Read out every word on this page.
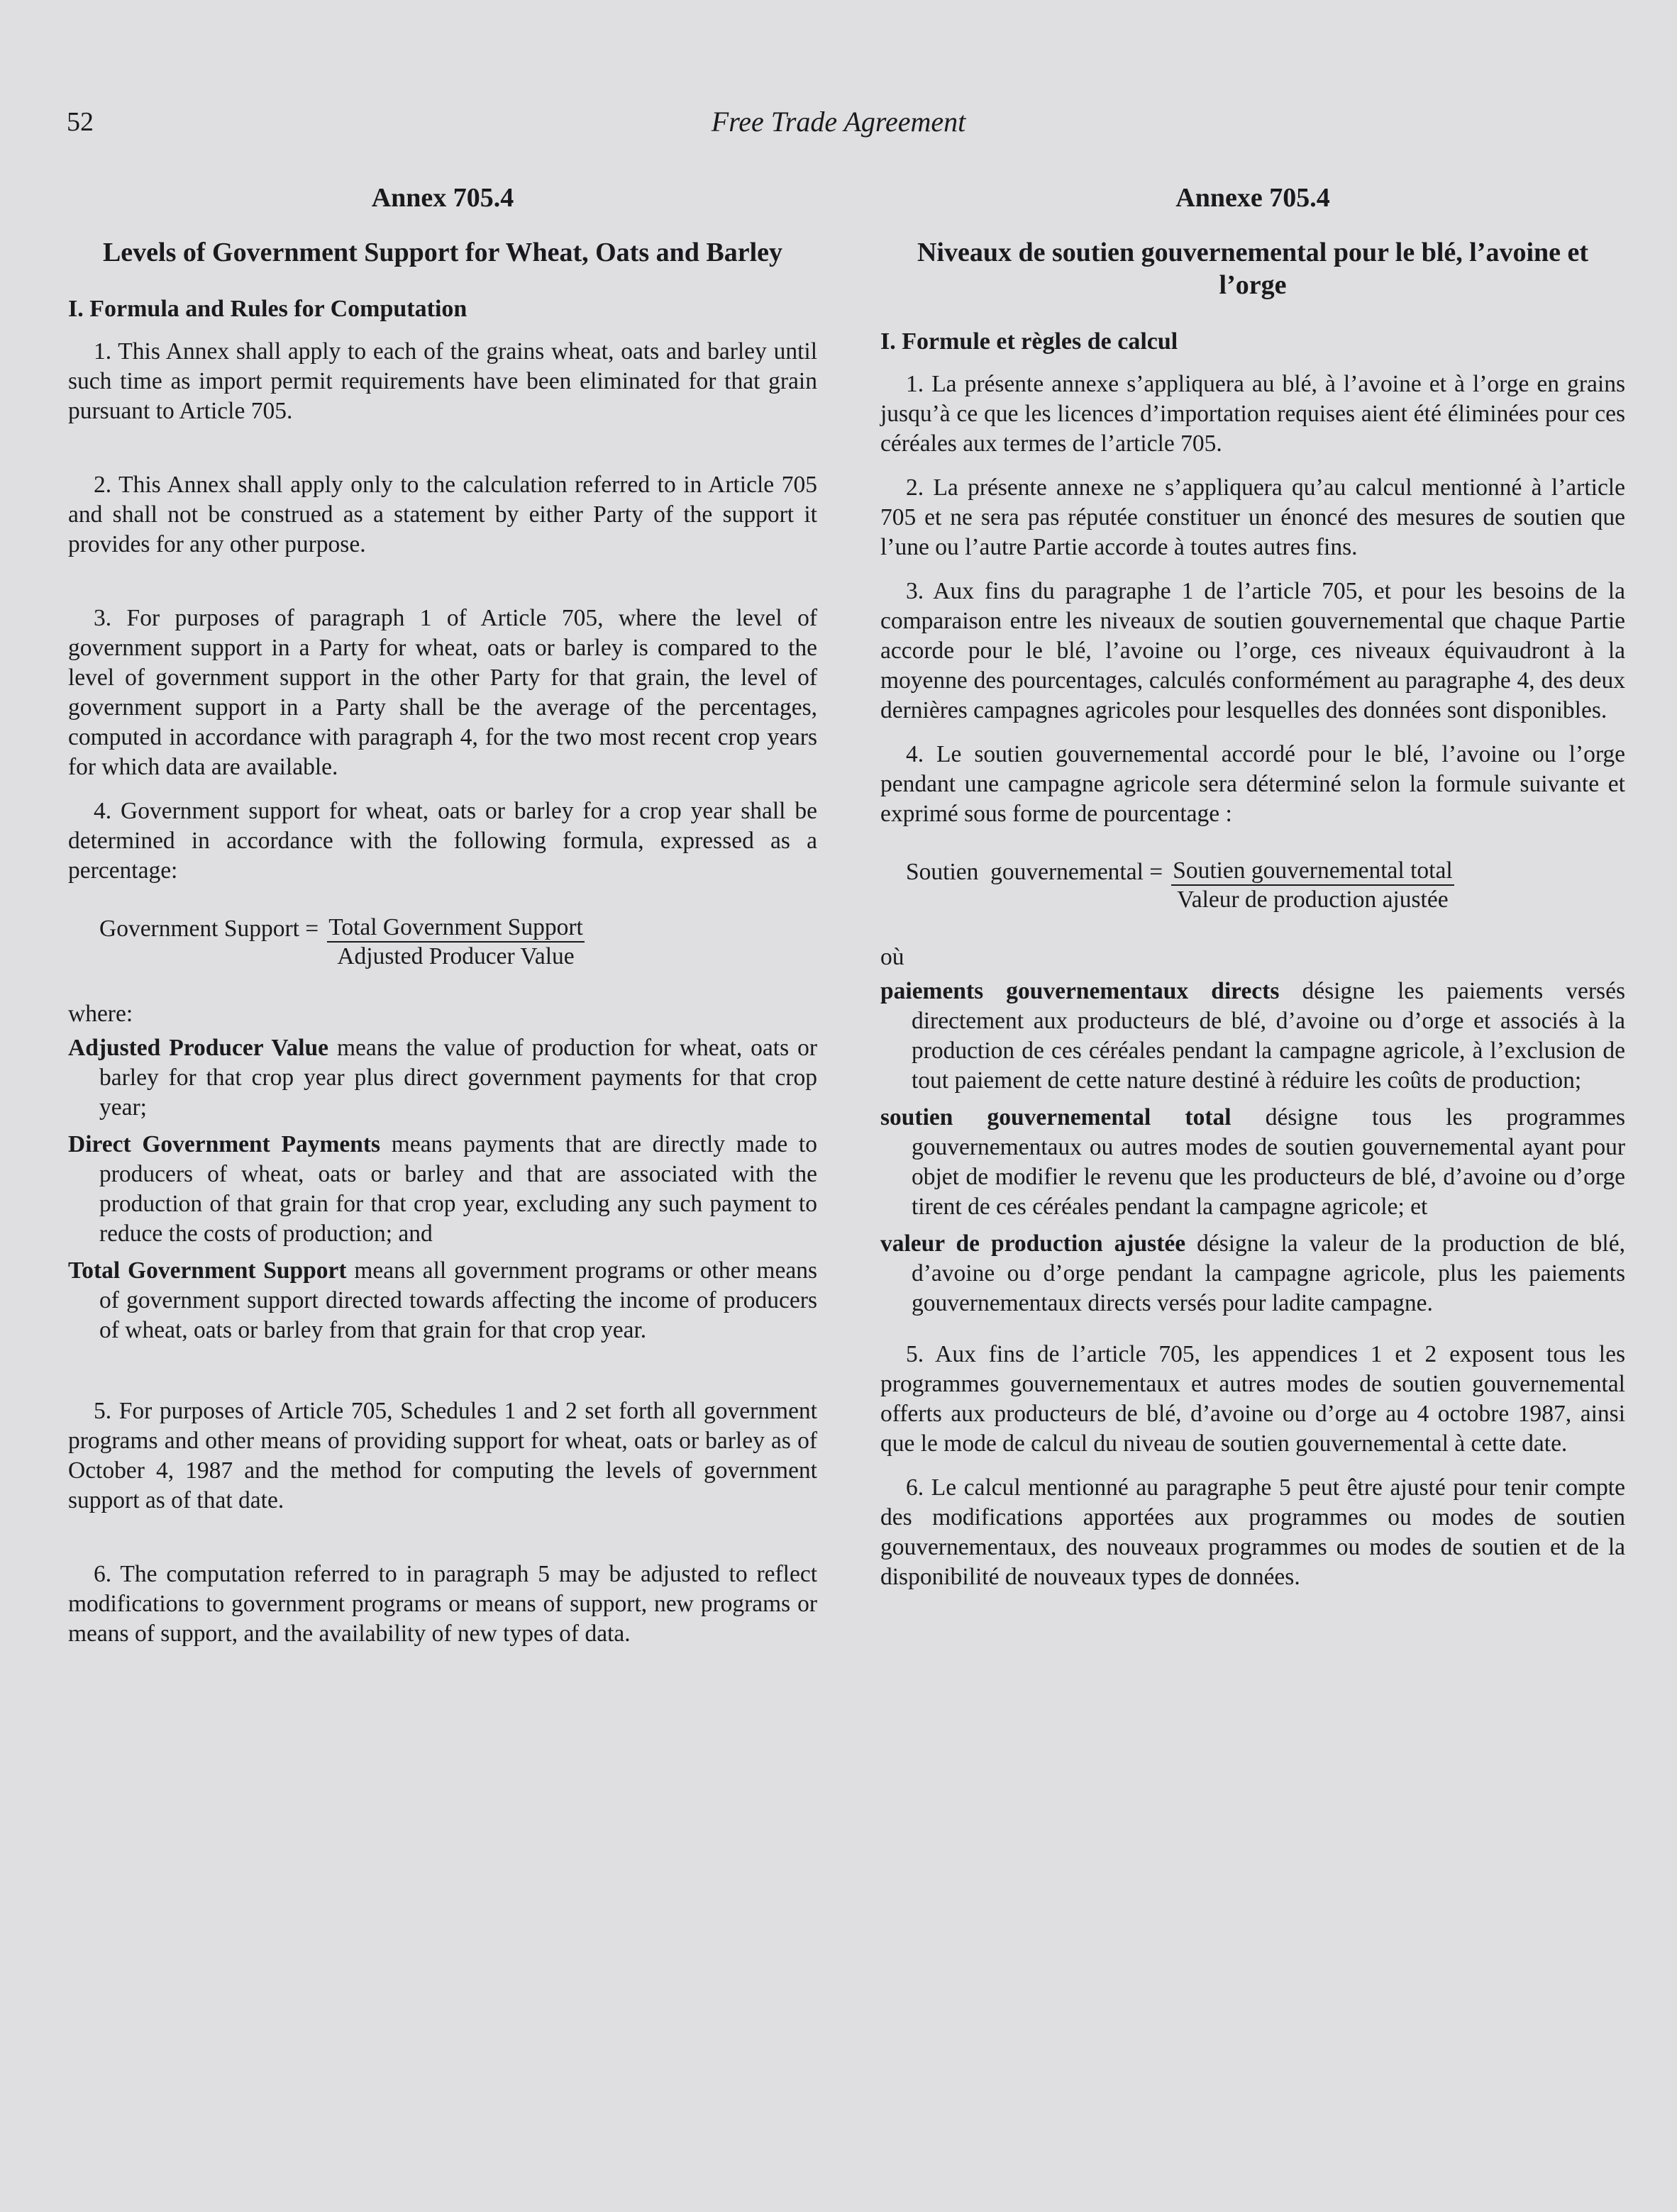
52	Free Trade Agreement
Annex 705.4
Levels of Government Support for Wheat, Oats and Barley
I. Formula and Rules for Computation

1. This Annex shall apply to each of the grains wheat, oats and barley until such time as import permit requirements have been eliminated for that grain pursuant to Article 705.

2. This Annex shall apply only to the calculation referred to in Article 705 and shall not be construed as a statement by either Party of the support it provides for any other purpose.

3. For purposes of paragraph 1 of Article 705, where the level of government support in a Party for wheat, oats or barley is compared to the level of government support in the other Party for that grain, the level of government support in a Party shall be the average of the percentages, computed in accordance with paragraph 4, for the two most recent crop years for which data are available.

4. Government support for wheat, oats or barley for a crop year shall be determined in accordance with the following formula, expressed as a percentage:

Government Support = $\frac{\text{Total Government Support}}{\text{Adjusted Producer Value}}$
where:
Adjusted Producer Value means the value of production for wheat, oats or barley for that crop year plus direct government payments for that crop year;
Direct Government Payments means payments that are directly made to producers of wheat, oats or barley and that are associated with the production of that grain for that crop year, excluding any such payment to reduce the costs of production; and
Total Government Support means all government programs or other means of government support directed towards affecting the income of producers of wheat, oats or barley from that grain for that crop year.

5. For purposes of Article 705, Schedules 1 and 2 set forth all government programs and other means of providing support for wheat, oats or barley as of October 4, 1987 and the method for computing the levels of government support as of that date.

6. The computation referred to in paragraph 5 may be adjusted to reflect modifications to government programs or means of support, new programs or means of support, and the availability of new types of data.

Annexe 705.4
Niveaux de soutien gouvernemental pour le blé, l’avoine et l’orge
I. Formule et règles de calcul

1. La présente annexe s’appliquera au blé, à l’avoine et à l’orge en grains jusqu’à ce que les licences d’importation requises aient été éliminées pour ces céréales aux termes de l’article 705.

2. La présente annexe ne s’appliquera qu’au calcul mentionné à l’article 705 et ne sera pas réputée constituer un énoncé des mesures de soutien que l’une ou l’autre Partie accorde à toutes autres fins.

3. Aux fins du paragraphe 1 de l’article 705, et pour les besoins de la comparaison entre les niveaux de soutien gouvernemental que chaque Partie accorde pour le blé, l’avoine ou l’orge, ces niveaux équivaudront à la moyenne des pourcentages, calculés conformément au paragraphe 4, des deux dernières campagnes agricoles pour lesquelles des données sont disponibles.

4. Le soutien gouvernemental accordé pour le blé, l’avoine ou l’orge pendant une campagne agricole sera déterminé selon la formule suivante et exprimé sous forme de pourcentage :

Soutien  gouvernemental = $\frac{\text{Soutien gouvernemental total}}{\text{Valeur de production ajustée}}$
où
paiements gouvernementaux directs désigne les paiements versés directement aux producteurs de blé, d’avoine ou d’orge et associés à la production de ces céréales pendant la campagne agricole, à l’exclusion de tout paiement de cette nature destiné à réduire les coûts de production;
soutien gouvernemental total désigne tous les programmes gouvernementaux ou autres modes de soutien gouvernemental ayant pour objet de modifier le revenu que les producteurs de blé, d’avoine ou d’orge tirent de ces céréales pendant la campagne agricole; et
valeur de production ajustée désigne la valeur de la production de blé, d’avoine ou d’orge pendant la campagne agricole, plus les paiements gouvernementaux directs versés pour ladite campagne.

5. Aux fins de l’article 705, les appendices 1 et 2 exposent tous les programmes gouvernementaux et autres modes de soutien gouvernemental offerts aux producteurs de blé, d’avoine ou d’orge au 4 octobre 1987, ainsi que le mode de calcul du niveau de soutien gouvernemental à cette date.

6. Le calcul mentionné au paragraphe 5 peut être ajusté pour tenir compte des modifications apportées aux programmes ou modes de soutien gouvernementaux, des nouveaux programmes ou modes de soutien et de la disponibilité de nouveaux types de données.
